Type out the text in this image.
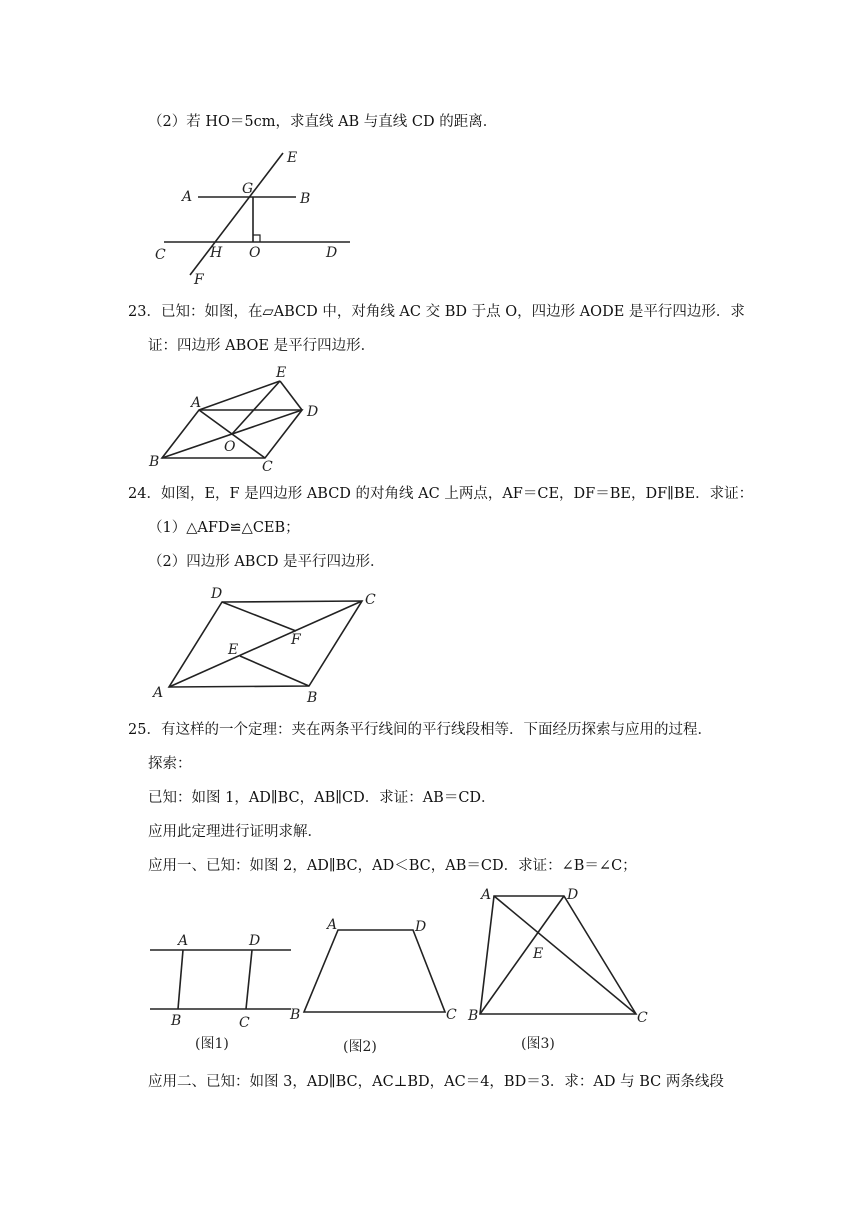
（2）若 HO＝5cm，求直线 AB 与直线 CD 的距离．
E
A	G
B
C	H O	D
F
23．已知：如图，在▱ABCD 中，对角线 AC 交 BD 于点 O，四边形 AODE 是平行四边形．求
证：四边形 ABOE 是平行四边形．
E
A
D
O
B	C
24．如图，E，F 是四边形 ABCD 的对角线 AC 上两点，AF＝CE，DF＝BE，DF∥BE．求证：
（1）△AFD≌△CEB；
（2）四边形 ABCD 是平行四边形．
D	C
F
E
A	B
25．有这样的一个定理：夹在两条平行线间的平行线段相等．下面经历探索与应用的过程．
探索：
已知：如图 1，AD∥BC，AB∥CD．求证：AB＝CD．
应用此定理进行证明求解．
应用一、已知：如图 2，AD∥BC，AD＜BC，AB＝CD．求证：∠B＝∠C；
A	D
B	C
(图1)
A	D
B	C
(图2)
A	D
E
B	C
(图3)
应用二、已知：如图 3，AD∥BC，AC⊥BD，AC＝4，BD＝3．求：AD 与 BC 两条线段
